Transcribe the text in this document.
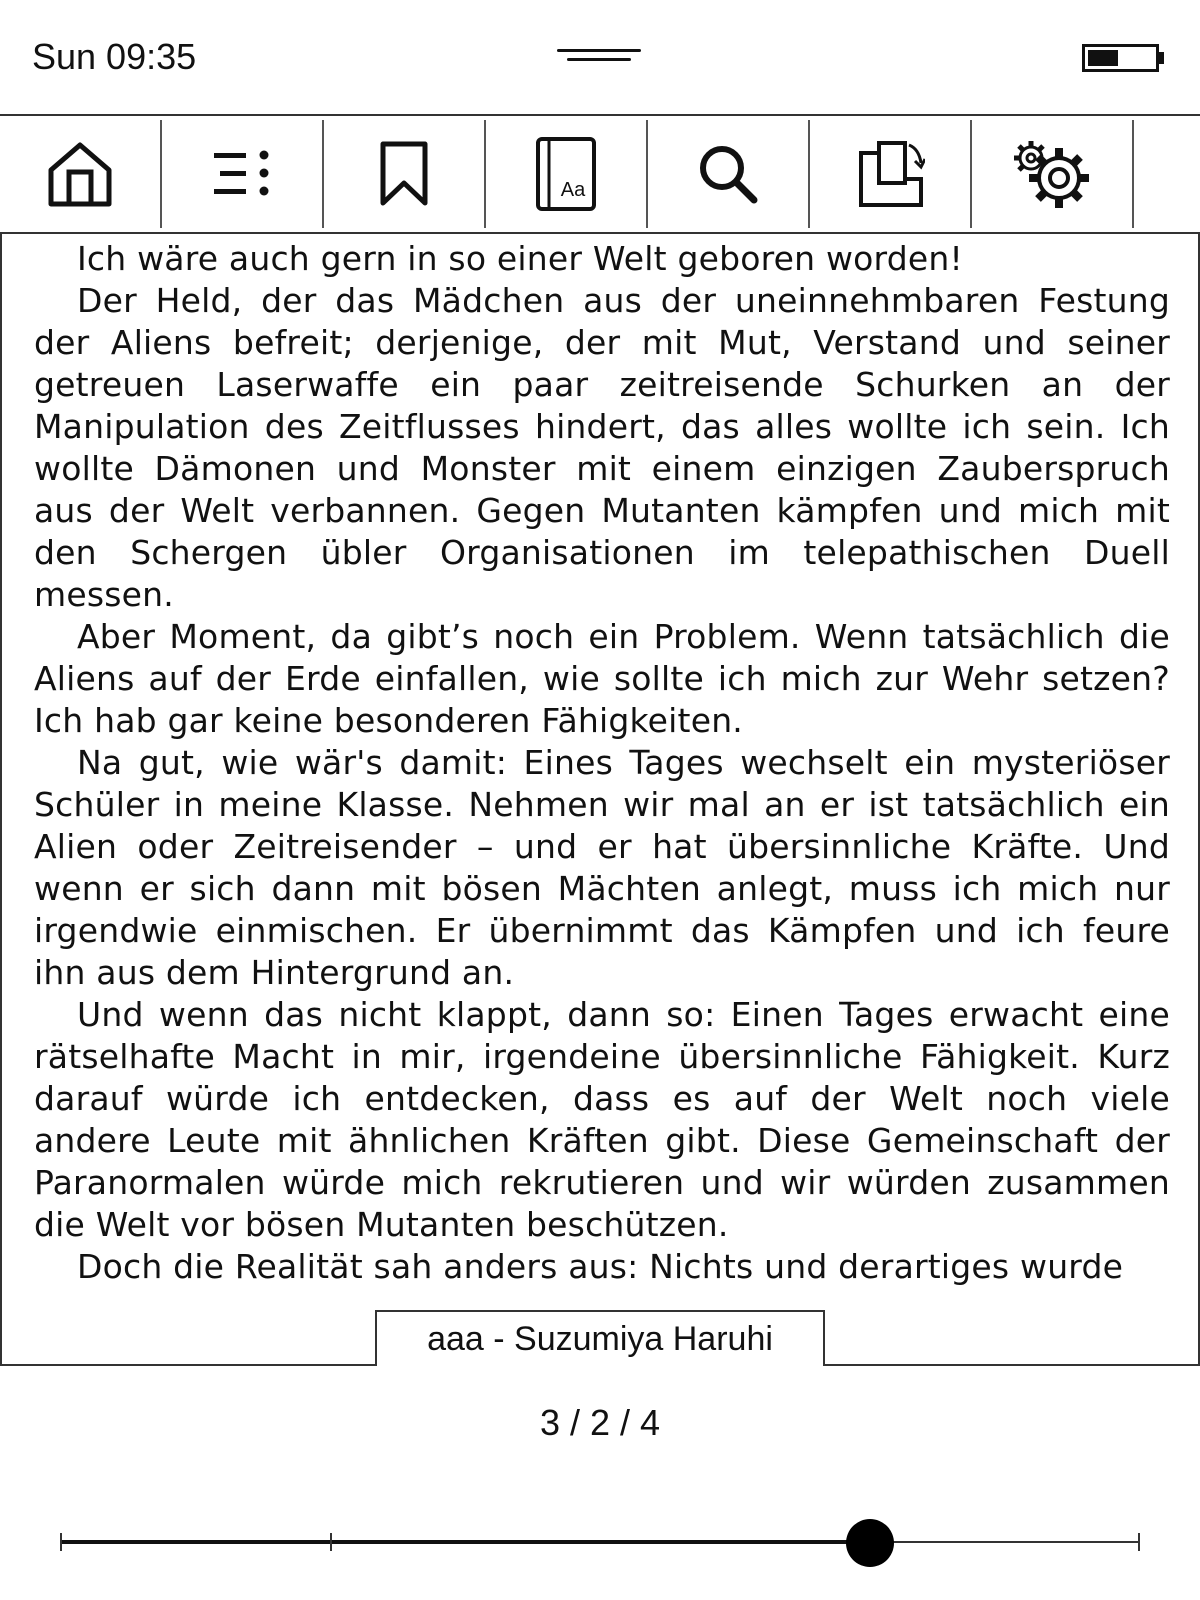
Sun 09:35
Aa

Ich wäre auch gern in so einer Welt geboren worden!

Der Held, der das Mädchen aus der uneinnehmbaren Festung der Aliens befreit; derjenige, der mit Mut, Verstand und seiner getreuen Laserwaffe ein paar zeitreisende Schurken an der Manipulation des Zeitflusses hindert, das alles wollte ich sein. Ich wollte Dämonen und Monster mit einem einzigen Zauberspruch aus der Welt verbannen. Gegen Mutanten kämpfen und mich mit den Schergen übler Organisationen im telepathischen Duell messen.

Aber Moment, da gibt’s noch ein Problem. Wenn tatsächlich die Aliens auf der Erde einfallen, wie sollte ich mich zur Wehr setzen? Ich hab gar keine besonderen Fähigkeiten.

Na gut, wie wär's damit: Eines Tages wechselt ein mysteriöser Schüler in meine Klasse. Nehmen wir mal an er ist tatsächlich ein Alien oder Zeitreisender – und er hat übersinnliche Kräfte. Und wenn er sich dann mit bösen Mächten anlegt, muss ich mich nur irgendwie einmischen. Er übernimmt das Kämpfen und ich feure ihn aus dem Hintergrund an.

Und wenn das nicht klappt, dann so: Einen Tages erwacht eine rätselhafte Macht in mir, irgendeine übersinnliche Fähigkeit. Kurz darauf würde ich entdecken, dass es auf der Welt noch viele andere Leute mit ähnlichen Kräften gibt. Diese Gemeinschaft der Paranormalen würde mich rekrutieren und wir würden zusammen die Welt vor bösen Mutanten beschützen.

Doch die Realität sah anders aus: Nichts und derartiges wurde

aaa - Suzumiya Haruhi
3 / 2 / 4
